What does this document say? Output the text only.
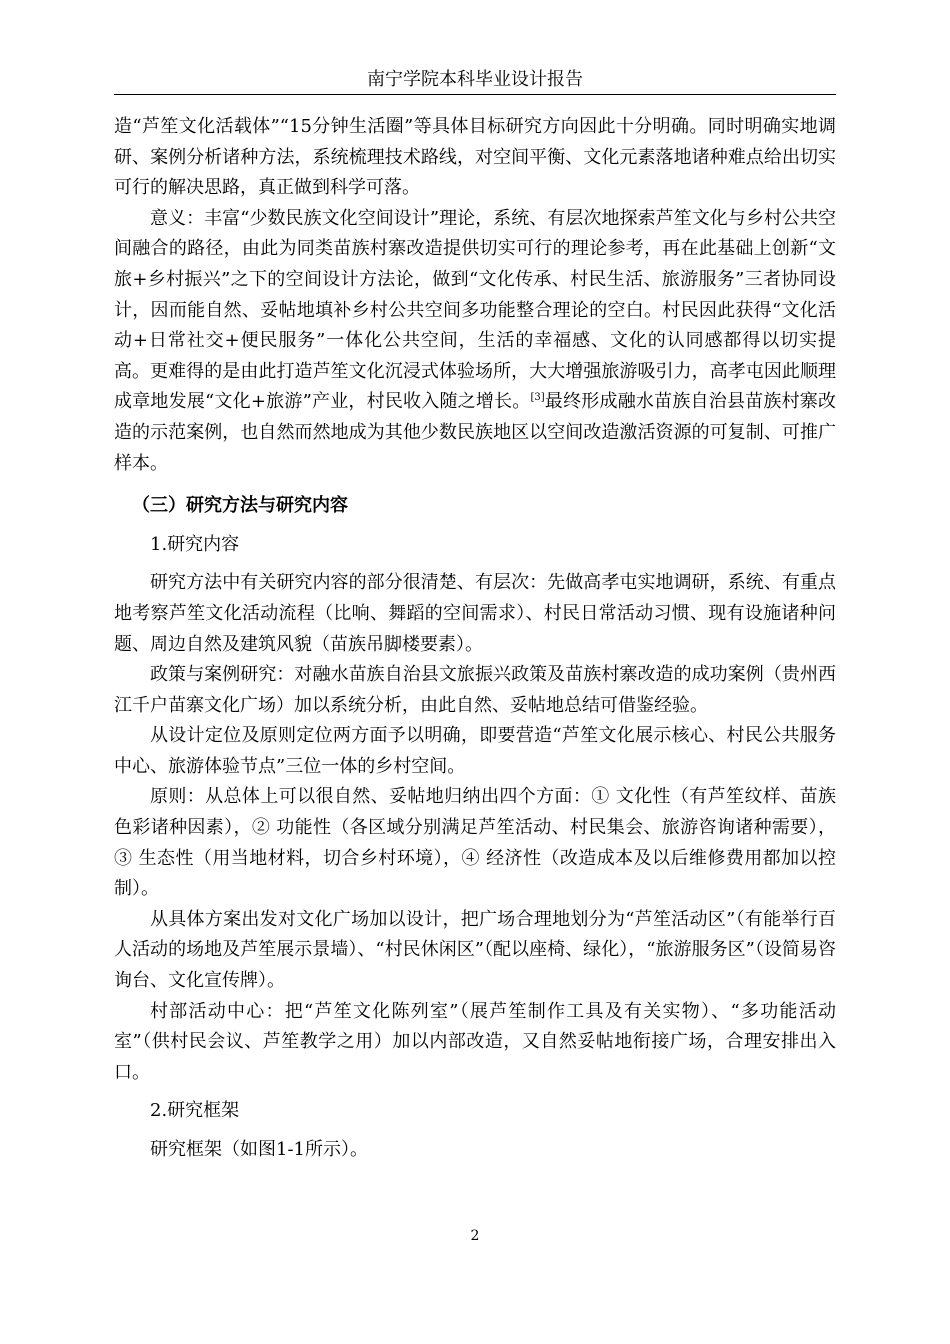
南宁学院本科毕业设计报告

造“芦笙文化活载体”“15分钟生活圈”等具体目标研究方向因此十分明确。同时明确实地调研、案例分析诸种方法，系统梳理技术路线，对空间平衡、文化元素落地诸种难点给出切实可行的解决思路，真正做到科学可落。

意义：丰富“少数民族文化空间设计”理论，系统、有层次地探索芦笙文化与乡村公共空间融合的路径，由此为同类苗族村寨改造提供切实可行的理论参考，再在此基础上创新“文旅+乡村振兴”之下的空间设计方法论，做到“文化传承、村民生活、旅游服务”三者协同设计，因而能自然、妥帖地填补乡村公共空间多功能整合理论的空白。村民因此获得“文化活动+日常社交+便民服务”一体化公共空间，生活的幸福感、文化的认同感都得以切实提高。更难得的是由此打造芦笙文化沉浸式体验场所，大大增强旅游吸引力，高孝屯因此顺理成章地发展“文化+旅游”产业，村民收入随之增长。[3]最终形成融水苗族自治县苗族村寨改造的示范案例，也自然而然地成为其他少数民族地区以空间改造激活资源的可复制、可推广样本。

（三）研究方法与研究内容

1.研究内容

研究方法中有关研究内容的部分很清楚、有层次：先做高孝屯实地调研，系统、有重点地考察芦笙文化活动流程（比响、舞蹈的空间需求）、村民日常活动习惯、现有设施诸种问题、周边自然及建筑风貌（苗族吊脚楼要素）。

政策与案例研究：对融水苗族自治县文旅振兴政策及苗族村寨改造的成功案例（贵州西江千户苗寨文化广场）加以系统分析，由此自然、妥帖地总结可借鉴经验。

从设计定位及原则定位两方面予以明确，即要营造“芦笙文化展示核心、村民公共服务中心、旅游体验节点”三位一体的乡村空间。

原则：从总体上可以很自然、妥帖地归纳出四个方面：① 文化性（有芦笙纹样、苗族色彩诸种因素），② 功能性（各区域分别满足芦笙活动、村民集会、旅游咨询诸种需要），③ 生态性（用当地材料，切合乡村环境），④ 经济性（改造成本及以后维修费用都加以控制）。

从具体方案出发对文化广场加以设计，把广场合理地划分为“芦笙活动区”（有能举行百人活动的场地及芦笙展示景墙）、“村民休闲区”（配以座椅、绿化），“旅游服务区”（设简易咨询台、文化宣传牌）。

村部活动中心：把“芦笙文化陈列室”（展芦笙制作工具及有关实物）、“多功能活动室”（供村民会议、芦笙教学之用）加以内部改造，又自然妥帖地衔接广场，合理安排出入口。

2.研究框架

研究框架（如图1-1所示）。

2
